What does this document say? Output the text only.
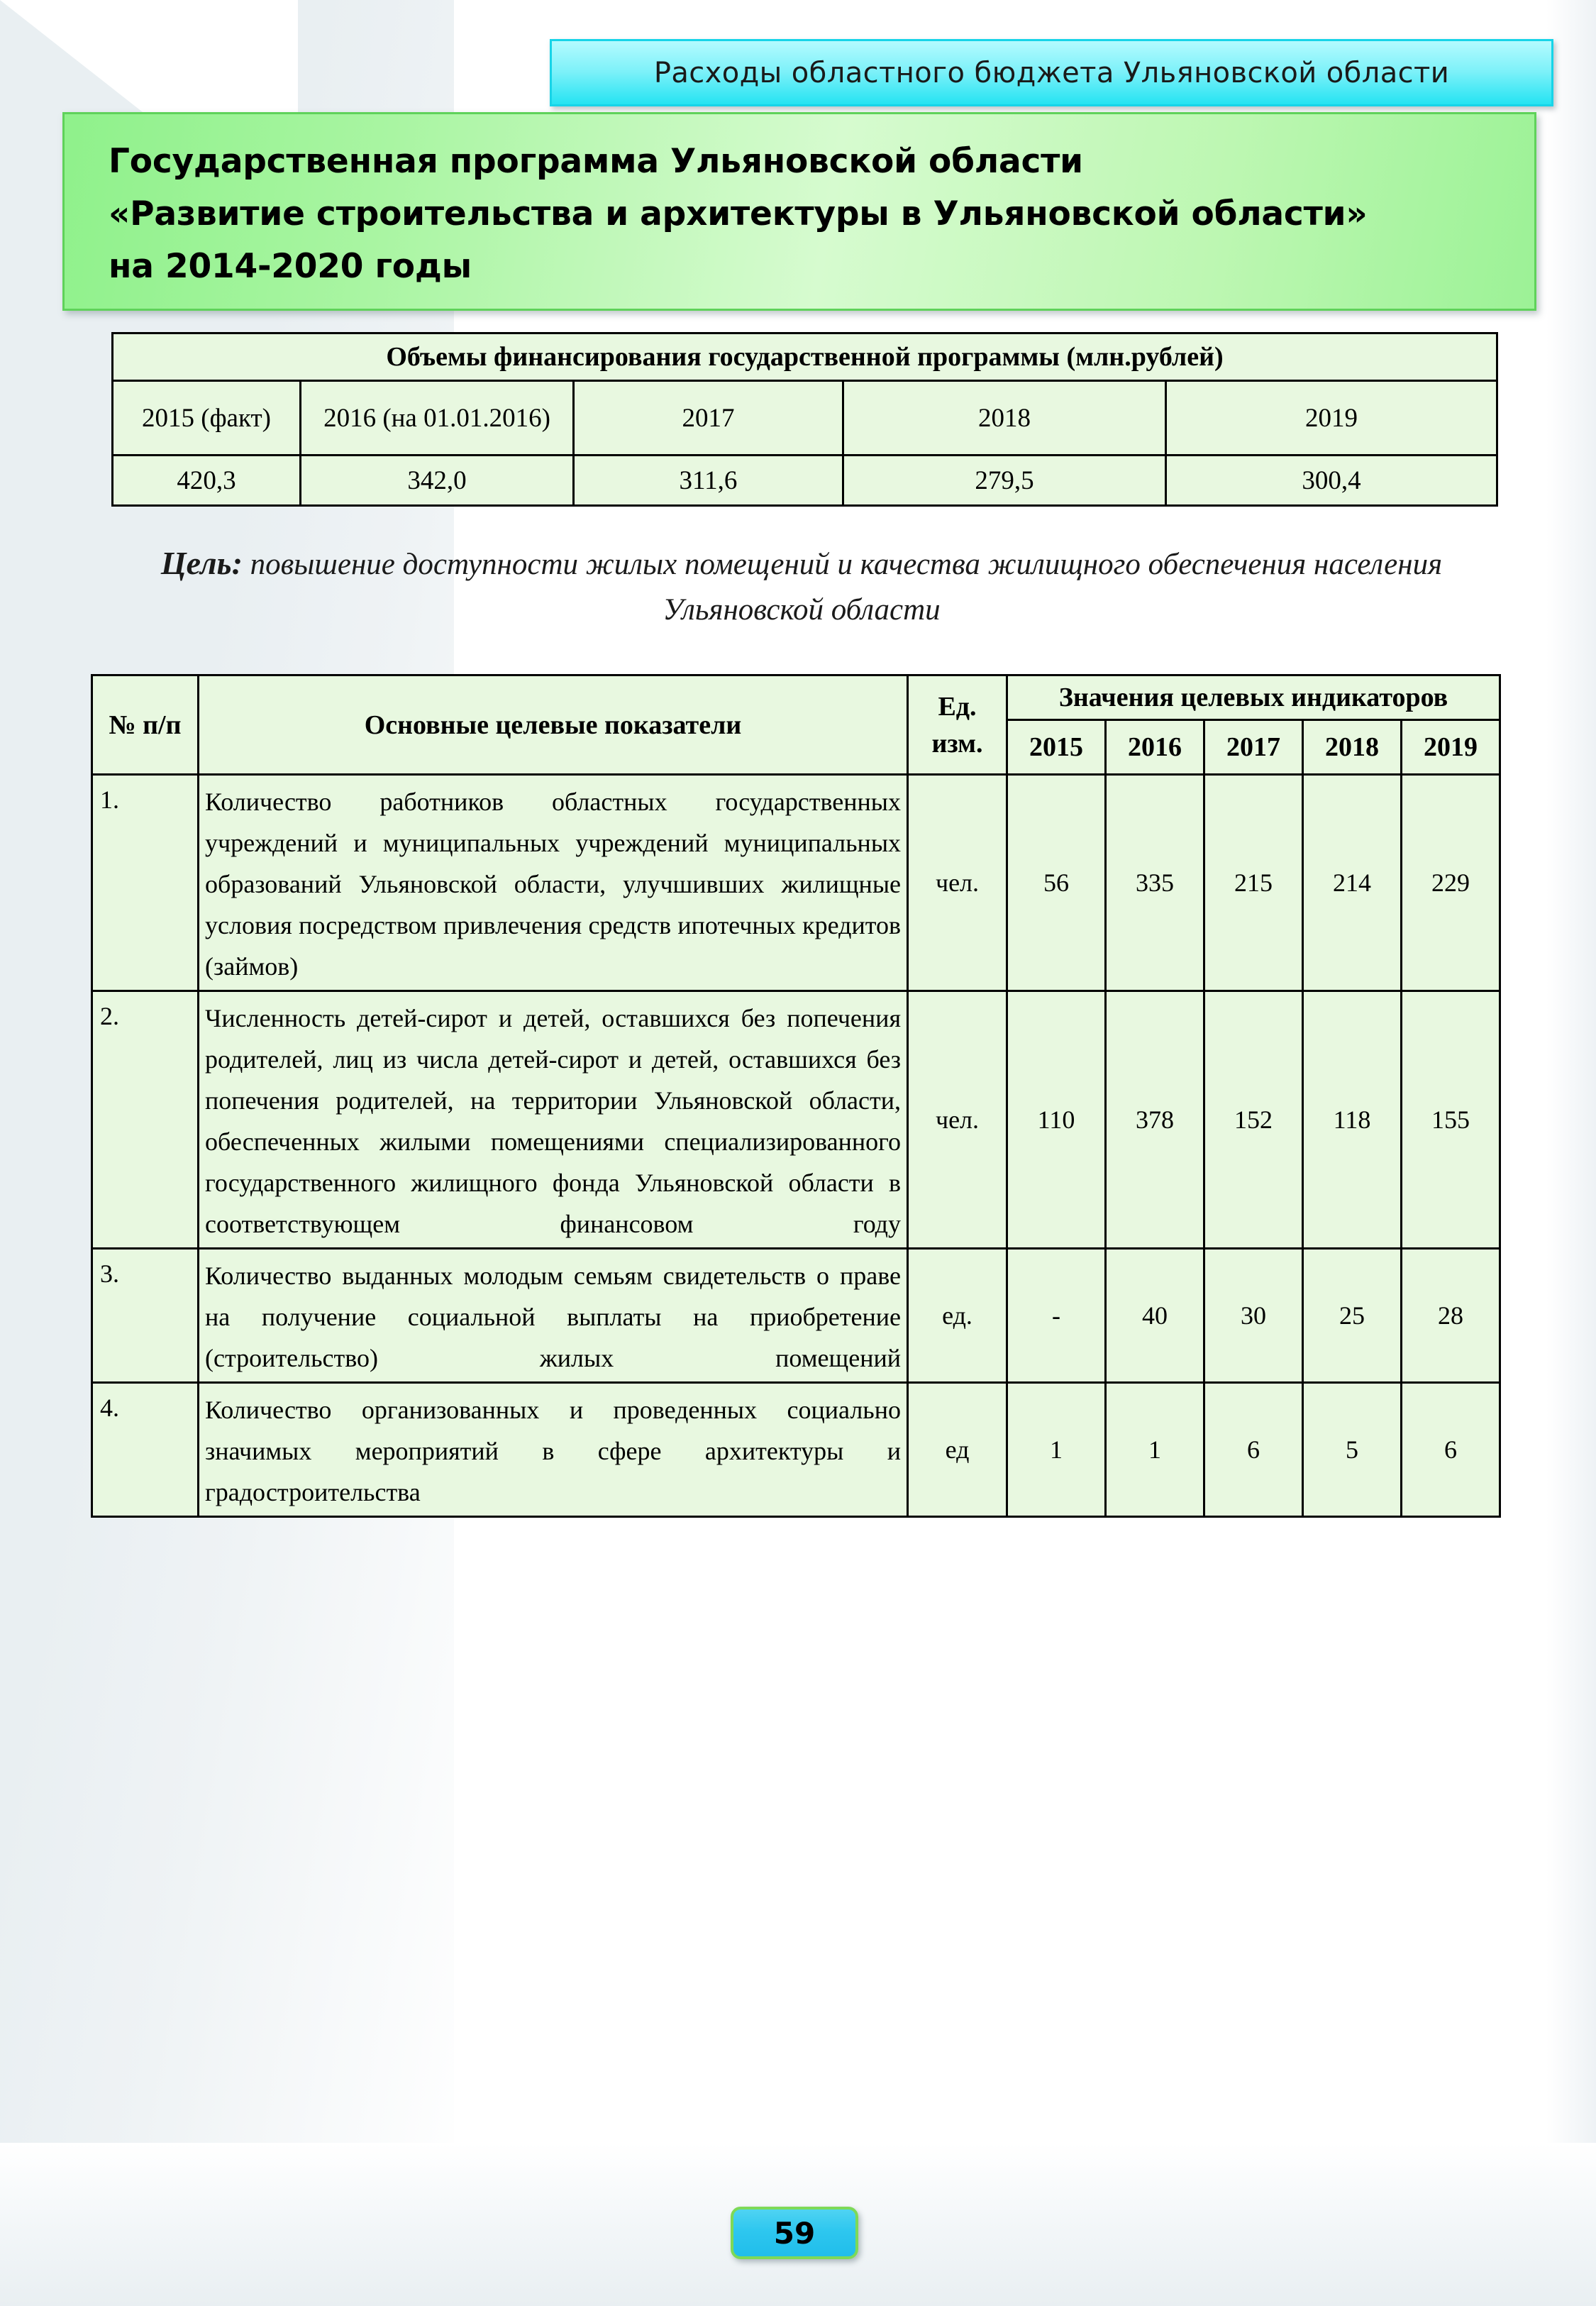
Расходы областного бюджета Ульяновской области
Государственная программа Ульяновской области
«Развитие строительства и архитектуры в Ульяновской области»
на 2014-2020 годы
Объемы финансирования государственной программы (млн.рублей)				
2015 (факт)	2016 (на 01.01.2016)	2017	2018	2019
420,3	342,0	311,6	279,5	300,4
Цель: повышение доступности жилых помещений и качества жилищного обеспечения населения Ульяновской области
№ п/п	Основные целевые показатели	Ед. изм.	Значения целевых индикаторов				
			2015	2016	2017	2018	2019
1.	Количество работников областных государственных учреждений и муниципальных учреждений муниципальных образований Ульяновской области, улучшивших жилищные условия посредством привлечения средств ипотечных кредитов (займов)	чел.	56	335	215	214	229
2.	Численность детей-сирот и детей, оставшихся без попечения родителей, лиц из числа детей-сирот и детей, оставшихся без попечения родителей, на территории Ульяновской области, обеспеченных жилыми помещениями специализированного государственного жилищного фонда Ульяновской области в соответствующем финансовом году	чел.	110	378	152	118	155
3.	Количество выданных молодым семьям свидетельств о праве на получение социальной выплаты на приобретение (строительство) жилых помещений	ед.	-	40	30	25	28
4.	Количество организованных и проведенных социально значимых мероприятий в сфере архитектуры и градостроительства	ед	1	1	6	5	6
59
